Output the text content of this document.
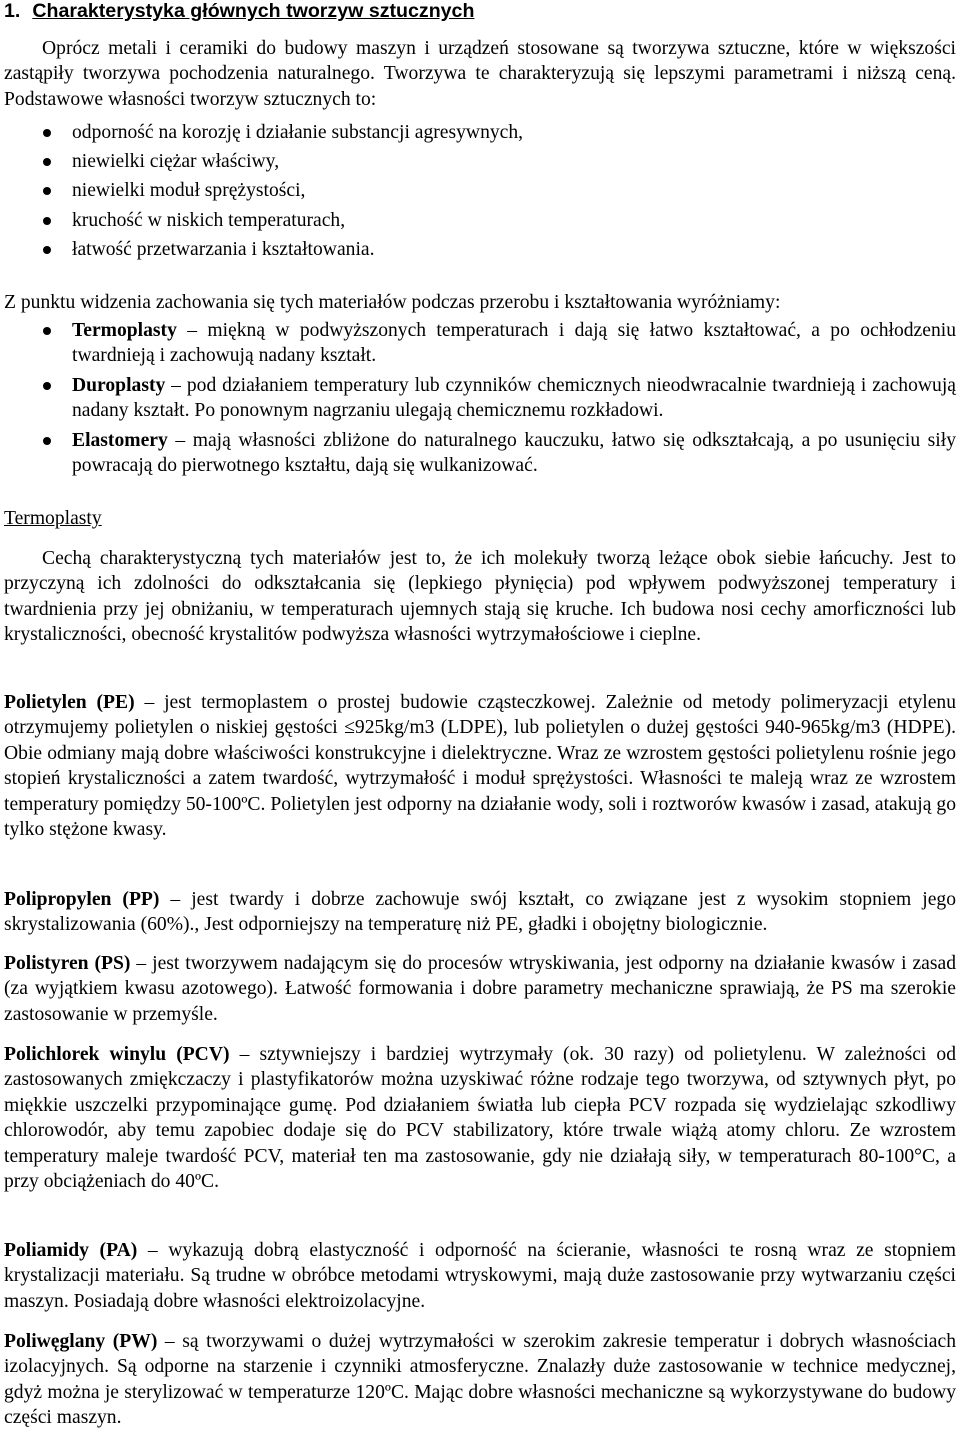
1. Charakterystyka głównych tworzyw sztucznych

Oprócz metali i ceramiki do budowy maszyn i urządzeń stosowane są tworzywa sztuczne, które w większości zastąpiły tworzywa pochodzenia naturalnego. Tworzywa te charakteryzują się lepszymi parametrami i niższą ceną. Podstawowe własności tworzyw sztucznych to:

odporność na korozję i działanie substancji agresywnych,
niewielki ciężar właściwy,
niewielki moduł sprężystości,
kruchość w niskich temperaturach,
łatwość przetwarzania i kształtowania.

Z punktu widzenia zachowania się tych materiałów podczas przerobu i kształtowania wyróżniamy:

Termoplasty – miękną w podwyższonych temperaturach i dają się łatwo kształtować, a po ochłodzeniu twardnieją i zachowują nadany kształt.
Duroplasty – pod działaniem temperatury lub czynników chemicznych nieodwracalnie twardnieją i zachowują nadany kształt. Po ponownym nagrzaniu ulegają chemicznemu rozkładowi.
Elastomery – mają własności zbliżone do naturalnego kauczuku, łatwo się odkształcają, a po usunięciu siły powracają do pierwotnego kształtu, dają się wulkanizować.
Termoplasty

Cechą charakterystyczną tych materiałów jest to, że ich molekuły tworzą leżące obok siebie łańcuchy. Jest to przyczyną ich zdolności do odkształcania się (lepkiego płynięcia) pod wpływem podwyższonej temperatury i twardnienia przy jej obniżaniu, w temperaturach ujemnych stają się kruche. Ich budowa nosi cechy amorficzności lub krystaliczności, obecność krystalitów podwyższa własności wytrzymałościowe i cieplne.

Polietylen (PE) – jest termoplastem o prostej budowie cząsteczkowej. Zależnie od metody polimeryzacji etylenu otrzymujemy polietylen o niskiej gęstości ≤925kg/m3 (LDPE), lub polietylen o dużej gęstości 940-965kg/m3 (HDPE). Obie odmiany mają dobre właściwości konstrukcyjne i dielektryczne. Wraz ze wzrostem gęstości polietylenu rośnie jego stopień krystaliczności a zatem twardość, wytrzymałość i moduł sprężystości. Własności te maleją wraz ze wzrostem temperatury pomiędzy 50-100ºC. Polietylen jest odporny na działanie wody, soli i roztworów kwasów i zasad, atakują go tylko stężone kwasy.

Polipropylen (PP) – jest twardy i dobrze zachowuje swój kształt, co związane jest z wysokim stopniem jego skrystalizowania (60%)., Jest odporniejszy na temperaturę niż PE, gładki i obojętny biologicznie.

Polistyren (PS) – jest tworzywem nadającym się do procesów wtryskiwania, jest odporny na działanie kwasów i zasad (za wyjątkiem kwasu azotowego). Łatwość formowania i dobre parametry mechaniczne sprawiają, że PS ma szerokie zastosowanie w przemyśle.

Polichlorek winylu (PCV) – sztywniejszy i bardziej wytrzymały (ok. 30 razy) od polietylenu. W zależności od zastosowanych zmiękczaczy i plastyfikatorów można uzyskiwać różne rodzaje tego tworzywa, od sztywnych płyt, po miękkie uszczelki przypominające gumę. Pod działaniem światła lub ciepła PCV rozpada się wydzielając szkodliwy chlorowodór, aby temu zapobiec dodaje się do PCV stabilizatory, które trwale wiążą atomy chloru. Ze wzrostem temperatury maleje twardość PCV, materiał ten ma zastosowanie, gdy nie działają siły, w temperaturach 80-100°C, a przy obciążeniach do 40ºC.

Poliamidy (PA) – wykazują dobrą elastyczność i odporność na ścieranie, własności te rosną wraz ze stopniem krystalizacji materiału. Są trudne w obróbce metodami wtryskowymi, mają duże zastosowanie przy wytwarzaniu części maszyn. Posiadają dobre własności elektroizolacyjne.

Poliwęglany (PW) – są tworzywami o dużej wytrzymałości w szerokim zakresie temperatur i dobrych własnościach izolacyjnych. Są odporne na starzenie i czynniki atmosferyczne. Znalazły duże zastosowanie w technice medycznej, gdyż można je sterylizować w temperaturze 120ºC. Mając dobre własności mechaniczne są wykorzystywane do budowy części maszyn.
